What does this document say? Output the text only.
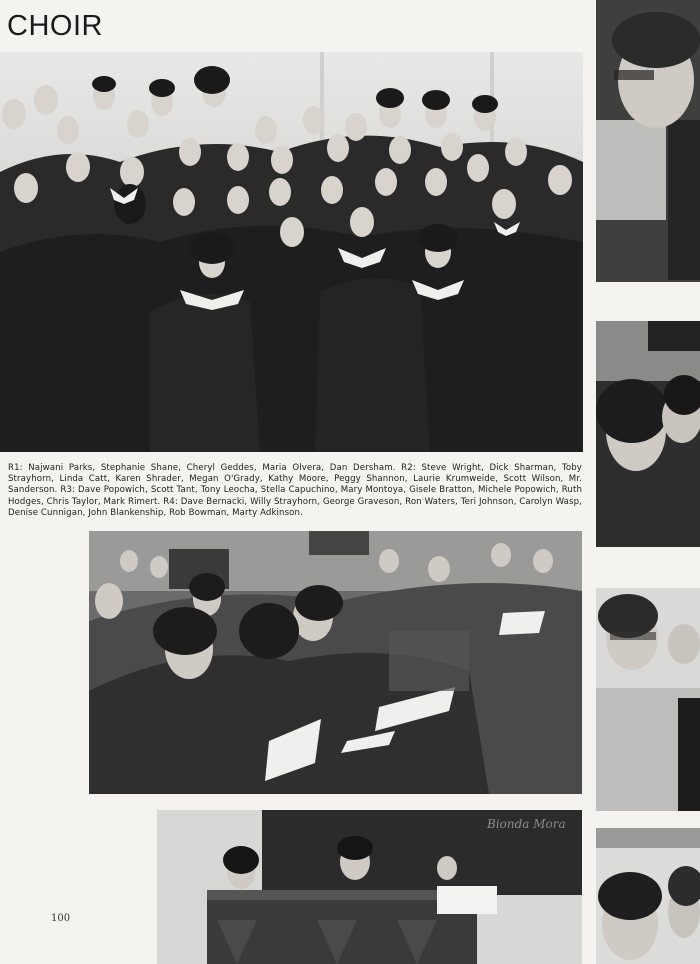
CHOIR
R1: Najwani Parks, Stephanie Shane, Cheryl Geddes, Maria Olvera, Dan Dersham. R2: Steve Wright, Dick Sharman, Toby Strayhorn, Linda Catt, Karen Shrader, Megan O'Grady, Kathy Moore, Peggy Shannon, Laurie Krumweide, Scott Wilson, Mr. Sanderson. R3: Dave Popowich, Scott Tant, Tony Leocha, Stella Capuchino, Mary Montoya, Gisele Bratton, Michele Popowich, Ruth Hodges, Chris Taylor, Mark Rimert. R4: Dave Bernacki, Willy Strayhorn, George Graveson, Ron Waters, Teri Johnson, Carolyn Wasp, Denise Cunnigan, John Blankenship, Rob Bowman, Marty Adkinson.
Bionda Mora
100
